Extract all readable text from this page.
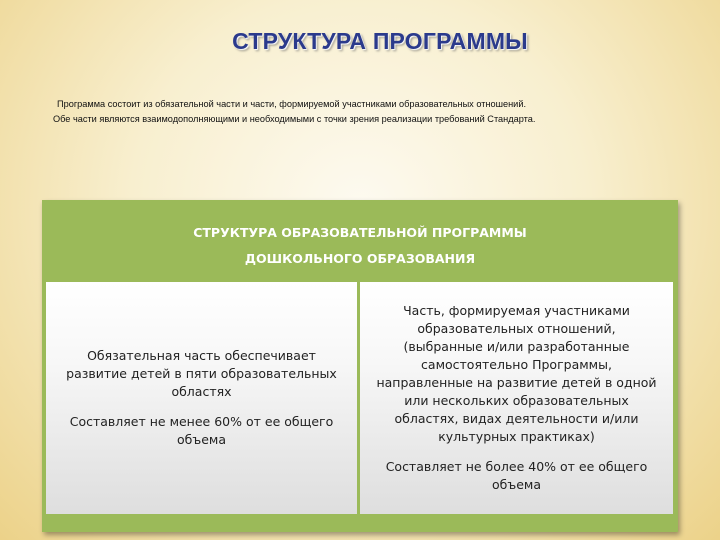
СТРУКТУРА ПРОГРАММЫ
Программа состоит из обязательной части и части, формируемой участниками образовательных отношений.
Обе части являются взаимодополняющими и необходимыми с точки зрения реализации требований Стандарта.
СТРУКТУРА ОБРАЗОВАТЕЛЬНОЙ ПРОГРАММЫ
ДОШКОЛЬНОГО ОБРАЗОВАНИЯ

Обязательная часть обеспечивает

развитие детей в пяти образовательных

областях

Составляет не менее 60% от ее общего

объема

Часть, формируемая участниками

образовательных отношений,

(выбранные и/или разработанные

самостоятельно Программы,

направленные на развитие детей в одной

или нескольких образовательных

областях, видах деятельности и/или

культурных практиках)

Составляет не более 40% от ее общего

объема
